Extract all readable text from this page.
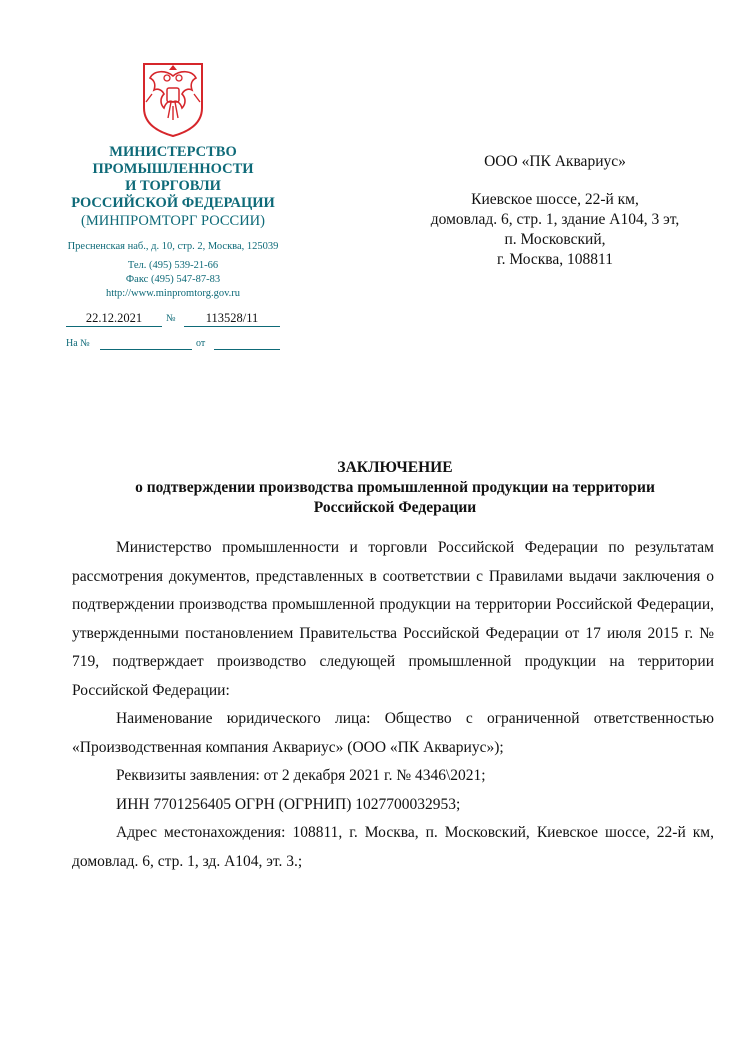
МИНИСТЕРСТВО
ПРОМЫШЛЕННОСТИ
И ТОРГОВЛИ
РОССИЙСКОЙ ФЕДЕРАЦИИ
(МИНПРОМТОРГ РОССИИ)
Пресненская наб., д. 10, стр. 2, Москва, 125039
Тел. (495) 539-21-66
Факс (495) 547-87-83
http://www.minpromtorg.gov.ru
22.12.2021	№	113528/11
На №	от
ООО «ПК Аквариус»
Киевское шоссе, 22-й км,
домовлад. 6, стр. 1, здание А104, 3 эт,
п. Московский,
г. Москва, 108811
ЗАКЛЮЧЕНИЕ
о подтверждении производства промышленной продукции на территории
Российской Федерации

Министерство промышленности и торговли Российской Федерации по результатам рассмотрения документов, представленных в соответствии с Правилами выдачи заключения о подтверждении производства промышленной продукции на территории Российской Федерации, утвержденными постановлением Правительства Российской Федерации от 17 июля 2015 г. № 719, подтверждает производство следующей промышленной продукции на территории Российской Федерации:

Наименование юридического лица: Общество с ограниченной ответственностью «Производственная компания Аквариус» (ООО «ПК Аквариус»);

Реквизиты заявления: от 2 декабря 2021 г. № 4346\2021;

ИНН 7701256405 ОГРН (ОГРНИП) 1027700032953;

Адрес местонахождения: 108811, г. Москва, п. Московский, Киевское шоссе, 22-й км, домовлад. 6, стр. 1, зд. А104, эт. 3.;
